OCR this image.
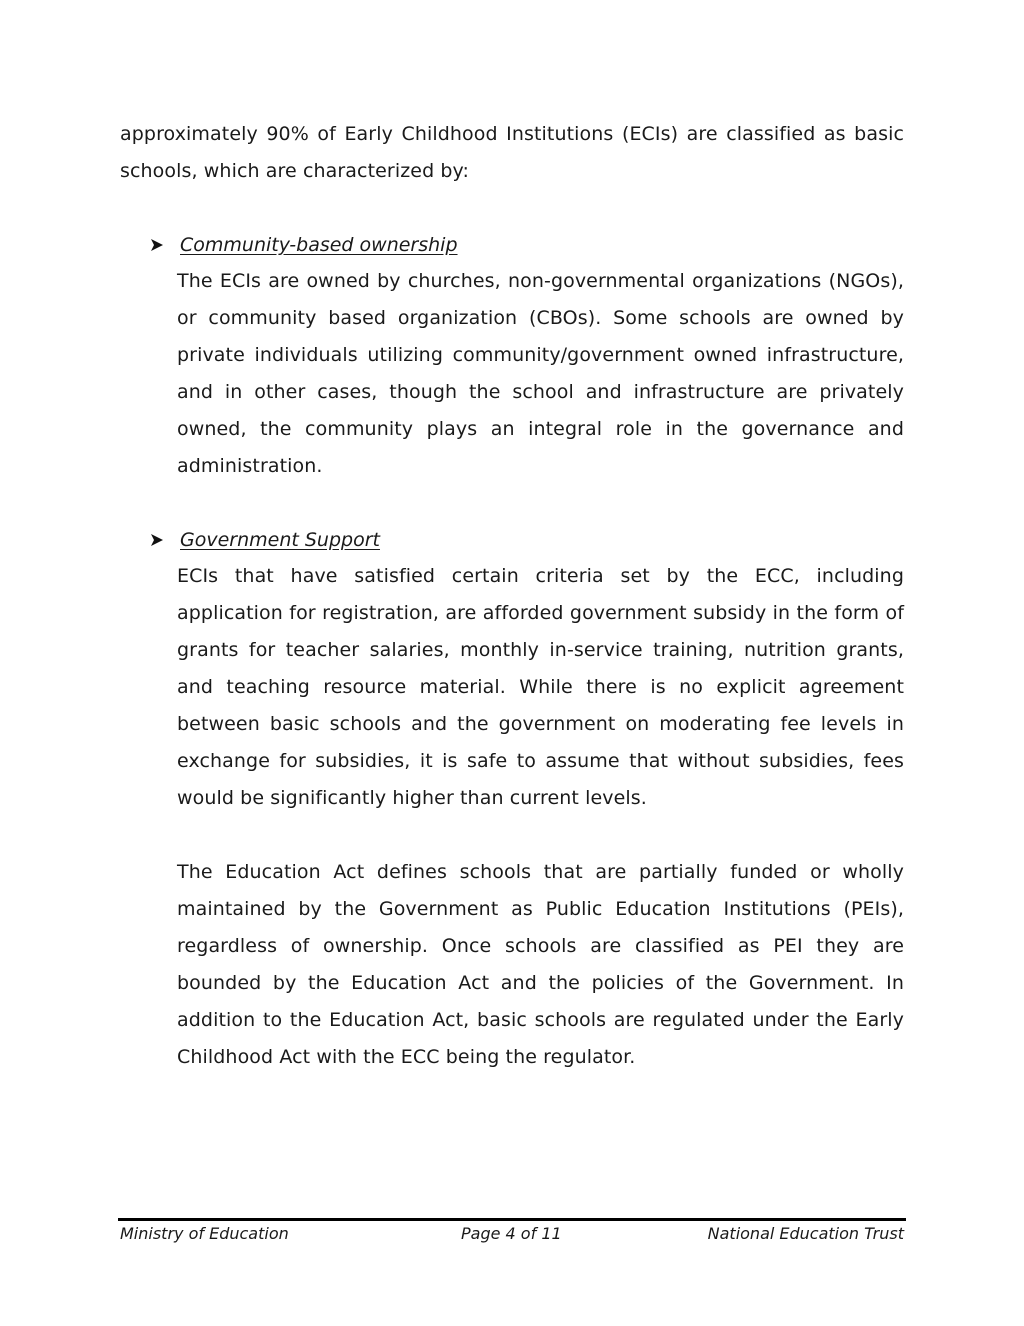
approximately 90% of Early Childhood Institutions (ECIs) are classified as basic schools, which are characterized by:

Community-based ownership

The ECIs are owned by churches, non-governmental organizations (NGOs), or community based organization (CBOs). Some schools are owned by private individuals utilizing community/government owned infrastructure, and in other cases, though the school and infrastructure are privately owned, the community plays an integral role in the governance and administration.

Government Support

ECIs that have satisfied certain criteria set by the ECC, including application for registration, are afforded government subsidy in the form of grants for teacher salaries, monthly in-service training, nutrition grants, and teaching resource material. While there is no explicit agreement between basic schools and the government on moderating fee levels in exchange for subsidies, it is safe to assume that without subsidies, fees would be significantly higher than current levels.

The Education Act defines schools that are partially funded or wholly maintained by the Government as Public Education Institutions (PEIs), regardless of ownership. Once schools are classified as PEI they are bounded by the Education Act and the policies of the Government. In addition to the Education Act, basic schools are regulated under the Early Childhood Act with the ECC being the regulator.

Ministry of Education	Page 4 of 11	National Education Trust
